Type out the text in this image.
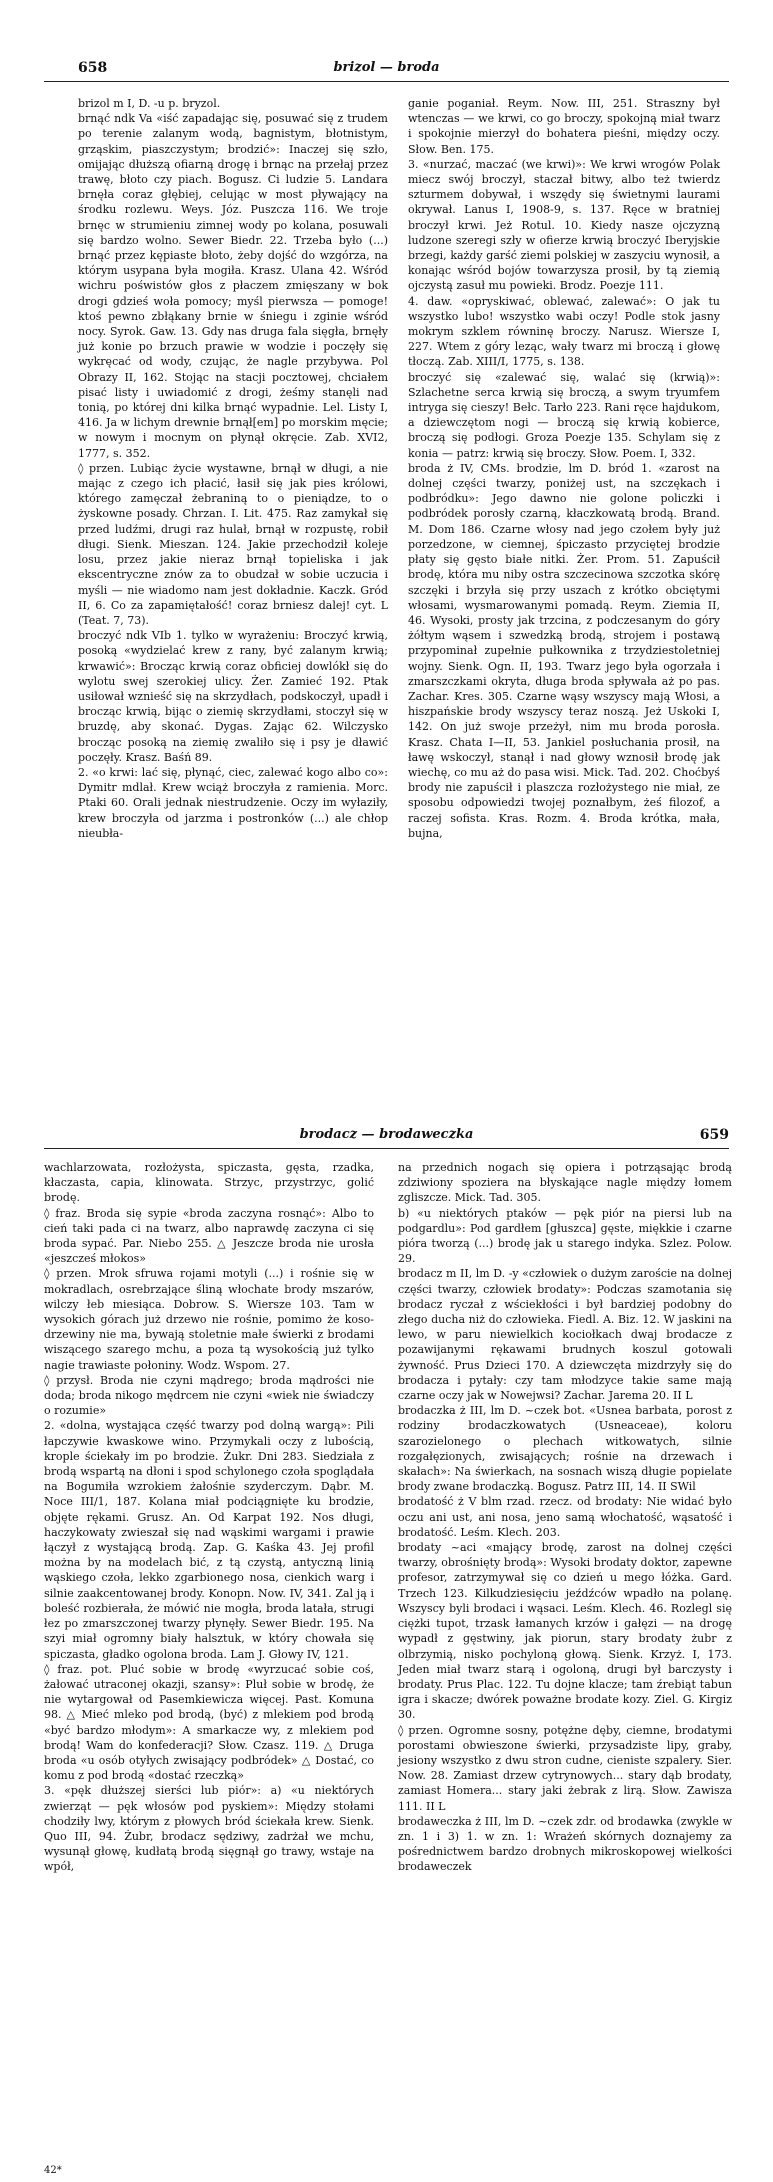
658	brizol — broda

brizol m I, D. -u p. bryzol.

brnąć ndk Va «iść zapadając się, posuwać się z trudem po terenie zalanym wodą, bagnistym, błotnistym, grząskim, piaszczystym; brodzić»: Inaczej się szło, omijając dłuższą ofiarną drogę i brnąc na przełaj przez trawę, błoto czy piach. Bogusz. Ci ludzie 5. Landara brnęła coraz głębiej, celując w most pływający na środku rozlewu. Weys. Józ. Puszcza 116. We troje brnęc w strumieniu zimnej wody po kolana, posuwali się bardzo wolno. Sewer Biedr. 22. Trzeba było (...) brnąć przez kępiaste błoto, żeby dojść do wzgórza, na którym usypana była mogiła. Krasz. Ulana 42. Wśród wichru poświstów głos z płaczem zmięszany w bok drogi gdzieś woła pomocy; myśl pierwsza — pomoge! ktoś pewno zbłąkany brnie w śniegu i zginie wśród nocy. Syrok. Gaw. 13. Gdy nas druga fala sięgła, brnęły już konie po brzuch prawie w wodzie i poczęły się wykręcać od wody, czując, że nagle przybywa. Pol Obrazy II, 162. Stojąc na stacji pocztowej, chciałem pisać listy i uwiadomić z drogi, żeśmy stanęli nad tonią, po której dni kilka brnąć wypadnie. Lel. Listy I, 416. Ja w lichym drewnie brnął[em] po morskim męcie; w nowym i mocnym on płynął okręcie. Zab. XVI2, 1777, s. 352.

◊ przen. Lubiąc życie wystawne, brnął w długi, a nie mając z czego ich płacić, łasił się jak pies królowi, którego zamęczał żebraniną to o pieniądze, to o żyskowne posady. Chrzan. I. Lit. 475. Raz zamykał się przed ludźmi, drugi raz hulał, brnął w rozpustę, robił długi. Sienk. Mieszan. 124. Jakie przechodził koleje losu, przez jakie nieraz brnął topieliska i jak ekscentryczne znów za to obudzał w sobie uczucia i myśli — nie wiadomo nam jest dokładnie. Kaczk. Gród II, 6. Co za zapamiętałość! coraz brniesz dalej! cyt. L (Teat. 7, 73).

broczyć ndk VIb 1. tylko w wyrażeniu: Broczyć krwią, posoką «wydzielać krew z rany, być zalanym krwią; krwawić»: Brocząc krwią coraz obficiej dowlókł się do wylotu swej szerokiej ulicy. Żer. Zamieć 192. Ptak usiłował wznieść się na skrzydłach, podskoczył, upadł i brocząc krwią, bijąc o ziemię skrzydłami, stoczył się w bruzdę, aby skonać. Dygas. Zając 62. Wilczysko brocząc posoką na ziemię zwaliło się i psy je dławić poczęły. Krasz. Baśń 89.

2. «o krwi: lać się, płynąć, ciec, zalewać kogo albo co»: Dymitr mdlał. Krew wciąż broczyła z ramienia. Morc. Ptaki 60. Orali jednak niestrudzenie. Oczy im wyłaziły, krew broczyła od jarzma i postronków (...) ale chłop nieubła-

ganie poganiał. Reym. Now. III, 251. Straszny był wtenczas — we krwi, co go broczy, spokojną miał twarz i spokojnie mierzył do bohatera pieśni, między oczy. Słow. Ben. 175.

3. «nurzać, maczać (we krwi)»: We krwi wrogów Polak miecz swój broczył, staczał bitwy, albo też twierdz szturmem dobywał, i wszędy się świetnymi laurami okrywał. Lanus I, 1908-9, s. 137. Ręce w bratniej broczył krwi. Jeż Rotul. 10. Kiedy nasze ojczyzną ludzone szeregi szły w ofierze krwią broczyć Iberyjskie brzegi, każdy garść ziemi polskiej w zaszyciu wynosił, a konając wśród bojów towarzysza prosił, by tą ziemią ojczystą zasuł mu powieki. Brodz. Poezje 111.

4. daw. «opryskiwać, oblewać, zalewać»: O jak tu wszystko lubo! wszystko wabi oczy! Podle stok jasny mokrym szklem równinę broczy. Narusz. Wiersze I, 227. Wtem z góry leząc, wały twarz mi broczą i głowę tłoczą. Zab. XIII/I, 1775, s. 138.

broczyć się «zalewać się, walać się (krwią)»: Szlachetne serca krwią się broczą, a swym tryumfem intryga się cieszy! Bełc. Tarło 223. Rani ręce hajdukom, a dziewczętom nogi — broczą się krwią kobierce, broczą się podłogi. Groza Poezje 135. Schylam się z konia — patrz: krwią się broczy. Słow. Poem. I, 332.

broda ż IV, CMs. brodzie, lm D. bród 1. «zarost na dolnej części twarzy, poniżej ust, na szczękach i podbródku»: Jego dawno nie golone policzki i podbródek porosły czarną, kłaczkowatą brodą. Brand. M. Dom 186. Czarne włosy nad jego czołem były już porzedzone, w ciemnej, śpiczasto przyciętej brodzie płaty się gęsto białe nitki. Żer. Prom. 51. Zapuścił brodę, która mu niby ostra szczecinowa szczotka skórę szczęki i brzyła się przy uszach z krótko obciętymi włosami, wysmarowanymi pomadą. Reym. Ziemia II, 46. Wysoki, prosty jak trzcina, z podczesanym do góry żółtym wąsem i szwedzką brodą, strojem i postawą przypominał zupełnie pułkownika z trzydziestoletniej wojny. Sienk. Ogn. II, 193. Twarz jego była ogorzała i zmarszczkami okryta, długa broda spływała aż po pas. Zachar. Kres. 305. Czarne wąsy wszyscy mają Włosi, a hiszpańskie brody wszyscy teraz noszą. Jeż Uskoki I, 142. On już swoje przeżył, nim mu broda porosła. Krasz. Chata I—II, 53. Jankiel posłuchania prosił, na ławę wskoczył, stanął i nad głowy wznosił brodę jak wiechę, co mu aż do pasa wisi. Mick. Tad. 202. Choćbyś brody nie zapuścił i plaszcza rozłożystego nie miał, ze sposobu odpowiedzi twojej poznałbym, żeś filozof, a raczej sofista. Kras. Rozm. 4. Broda krótka, mała, bujna,

brodacz — brodaweczka	659

wachlarzowata, rozłożysta, spiczasta, gęsta, rzadka, kłaczasta, capia, klinowata. Strzyc, przystrzyc, golić brodę.

◊ fraz. Broda się sypie «broda zaczyna rosnąć»: Albo to cień taki pada ci na twarz, albo naprawdę zaczyna ci się broda sypać. Par. Niebo 255. △ Jeszcze broda nie urosła «jeszcześ młokos»

◊ przen. Mrok sfruwa rojami motyli (...) i rośnie się w mokradlach, osrebrzające śliną włochate brody mszarów, wilczy łeb miesiąca. Dobrow. S. Wiersze 103. Tam w wysokich górach już drzewo nie rośnie, pomimo że koso-drzewiny nie ma, bywają stoletnie małe świerki z brodami wiszącego szarego mchu, a poza tą wysokością już tylko nagie trawiaste połoniny. Wodz. Wspom. 27.

◊ przysł. Broda nie czyni mądrego; broda mądrości nie doda; broda nikogo mędrcem nie czyni «wiek nie świadczy o rozumie»

2. «dolna, wystająca część twarzy pod dolną wargą»: Pili łapczywie kwaskowe wino. Przymykali oczy z lubością, krople ściekały im po brodzie. Żukr. Dni 283. Siedziała z brodą wspartą na dłoni i spod schylonego czoła spoglądała na Bogumiła wzrokiem żałośnie szyderczym. Dąbr. M. Noce III/1, 187. Kolana miał podciągnięte ku brodzie, objęte rękami. Grusz. An. Od Karpat 192. Nos długi, haczykowaty zwieszał się nad wąskimi wargami i prawie łączył z wystającą brodą. Zap. G. Kaśka 43. Jej profil można by na modelach bić, z tą czystą, antyczną linią wąskiego czoła, lekko zgarbionego nosa, cienkich warg i silnie zaakcentowanej brody. Konopn. Now. IV, 341. Zal ją i boleść rozbierała, że mówić nie mogła, broda latała, strugi łez po zmarszczonej twarzy płynęły. Sewer Biedr. 195. Na szyi miał ogromny biały halsztuk, w który chowała się spiczasta, gładko ogolona broda. Lam J. Głowy IV, 121.

◊ fraz. pot. Pluć sobie w brodę «wyrzucać sobie coś, żałować utraconej okazji, szansy»: Pluł sobie w brodę, że nie wytargował od Pasemkiewicza więcej. Past. Komuna 98. △ Mieć mleko pod brodą, (być) z mlekiem pod brodą «być bardzo młodym»: A smarkacze wy, z mlekiem pod brodą! Wam do konfederacji? Słow. Czasz. 119. △ Druga broda «u osób otyłych zwisający podbródek» △ Dostać, co komu z pod brodą «dostać rzeczką»

3. «pęk dłuższej sierści lub piór»: a) «u niektórych zwierząt — pęk włosów pod pyskiem»: Między stołami chodziły lwy, którym z płowych bród ściekała krew. Sienk. Quo III, 94. Żubr, brodacz sędziwy, zadrżał we mchu, wysunął głowę, kudłatą brodą sięgnął go trawy, wstaje na wpół,

na przednich nogach się opiera i potrząsając brodą zdziwiony spoziera na błyskające nagle między łomem zgliszcze. Mick. Tad. 305.

b) «u niektórych ptaków — pęk piór na piersi lub na podgardlu»: Pod gardłem [głuszca] gęste, miękkie i czarne pióra tworzą (...) brodę jak u starego indyka. Szlez. Polow. 29.

brodacz m II, lm D. -y «człowiek o dużym zaroście na dolnej części twarzy, człowiek brodaty»: Podczas szamotania się brodacz ryczał z wściekłości i był bardziej podobny do złego ducha niż do człowieka. Fiedl. A. Biz. 12. W jaskini na lewo, w paru niewielkich kociołkach dwaj brodacze z pozawijanymi rękawami brudnych koszul gotowali żywność. Prus Dzieci 170. A dziewczęta mizdrzyły się do brodacza i pytały: czy tam młodzyce takie same mają czarne oczy jak w Nowejwsi? Zachar. Jarema 20. II L

brodaczka ż III, lm D. ~czek bot. «Usnea barbata, porost z rodziny brodaczkowatych (Usneaceae), koloru szarozielonego o plechach witkowatych, silnie rozgałęzionych, zwisających; rośnie na drzewach i skałach»: Na świerkach, na sosnach wiszą długie popielate brody zwane brodaczką. Bogusz. Patrz III, 14. II SWil

brodatość ż V blm rzad. rzecz. od brodaty: Nie widać było oczu ani ust, ani nosa, jeno samą włochatość, wąsatość i brodatość. Leśm. Klech. 203.

brodaty ~aci «mający brodę, zarost na dolnej części twarzy, obrośnięty brodą»: Wysoki brodaty doktor, zapewne profesor, zatrzymywał się co dzień u mego łóżka. Gard. Trzech 123. Kilkudziesięciu jeźdźców wpadło na polanę. Wszyscy byli brodaci i wąsaci. Leśm. Klech. 46. Rozlegl się ciężki tupot, trzask łamanych krzów i gałęzi — na drogę wypadł z gęstwiny, jak piorun, stary brodaty żubr z olbrzymią, nisko pochyloną głową. Sienk. Krzyż. I, 173. Jeden miał twarz starą i ogoloną, drugi był barczysty i brodaty. Prus Plac. 122. Tu dojne klacze; tam źrebiąt tabun igra i skacze; dwórek poważne brodate kozy. Ziel. G. Kirgiz 30.

◊ przen. Ogromne sosny, potężne dęby, ciemne, brodatymi porostami obwieszone świerki, przysadziste lipy, graby, jesiony wszystko z dwu stron cudne, cieniste szpalery. Sier. Now. 28. Zamiast drzew cytrynowych... stary dąb brodaty, zamiast Homera... stary jaki żebrak z lirą. Słow. Zawisza 111. II L

brodaweczka ż III, lm D. ~czek zdr. od brodawka (zwykle w zn. 1 i 3) 1. w zn. 1: Wrażeń skórnych doznajemy za pośrednictwem bardzo drobnych mikroskopowej wielkości brodaweczek

42*
